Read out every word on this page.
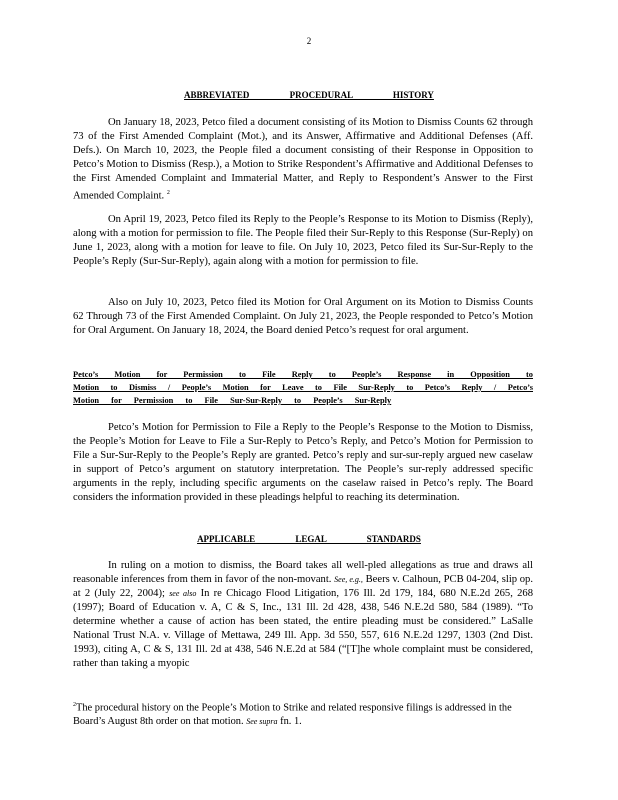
2
ABBREVIATED PROCEDURAL HISTORY

On January 18, 2023, Petco filed a document consisting of its Motion to Dismiss Counts 62 through 73 of the First Amended Complaint (Mot.), and its Answer, Affirmative and Additional Defenses (Aff. Defs.). On March 10, 2023, the People filed a document consisting of their Response in Opposition to Petco’s Motion to Dismiss (Resp.), a Motion to Strike Respondent’s Affirmative and Additional Defenses to the First Amended Complaint and Immaterial Matter, and Reply to Respondent’s Answer to the First Amended Complaint. $^2$

On April 19, 2023, Petco filed its Reply to the People’s Response to its Motion to Dismiss (Reply), along with a motion for permission to file. The People filed their Sur-Reply to this Response (Sur-Reply) on June 1, 2023, along with a motion for leave to file. On July 10, 2023, Petco filed its Sur-Sur-Reply to the People’s Reply (Sur-Sur-Reply), again along with a motion for permission to file.

Also on July 10, 2023, Petco filed its Motion for Oral Argument on its Motion to Dismiss Counts 62 Through 73 of the First Amended Complaint. On July 21, 2023, the People responded to Petco’s Motion for Oral Argument. On January 18, 2024, the Board denied Petco’s request for oral argument.

Petco’s Motion for Permission to File Reply to People’s Response in Opposition to
Motion to Dismiss / People’s Motion for Leave to File Sur-Reply to Petco’s Reply / Petco’s
Motion for Permission to File Sur-Sur-Reply to People’s Sur-Reply

Petco’s Motion for Permission to File a Reply to the People’s Response to the Motion to Dismiss, the People’s Motion for Leave to File a Sur-Reply to Petco’s Reply, and Petco’s Motion for Permission to File a Sur-Sur-Reply to the People’s Reply are granted. Petco’s reply and sur-sur-reply argued new caselaw in support of Petco’s argument on statutory interpretation. The People’s sur-reply addressed specific arguments in the reply, including specific arguments on the caselaw raised in Petco’s reply. The Board considers the information provided in these pleadings helpful to reaching its determination.

APPLICABLE LEGAL STANDARDS

In ruling on a motion to dismiss, the Board takes all well-pled allegations as true and draws all reasonable inferences from them in favor of the non-movant. See, e.g., Beers v. Calhoun, PCB 04-204, slip op. at 2 (July 22, 2004); see also In re Chicago Flood Litigation, 176 Ill. 2d 179, 184, 680 N.E.2d 265, 268 (1997); Board of Education v. A, C & S, Inc., 131 Ill. 2d 428, 438, 546 N.E.2d 580, 584 (1989). “To determine whether a cause of action has been stated, the entire pleading must be considered.” LaSalle National Trust N.A. v. Village of Mettawa, 249 Ill. App. 3d 550, 557, 616 N.E.2d 1297, 1303 (2nd Dist. 1993), citing A, C & S, 131 Ill. 2d at 438, 546 N.E.2d at 584 (“[T]he whole complaint must be considered, rather than taking a myopic

$^2$The procedural history on the People’s Motion to Strike and related responsive filings is addressed in the Board’s August 8th order on that motion. See supra fn. 1.
